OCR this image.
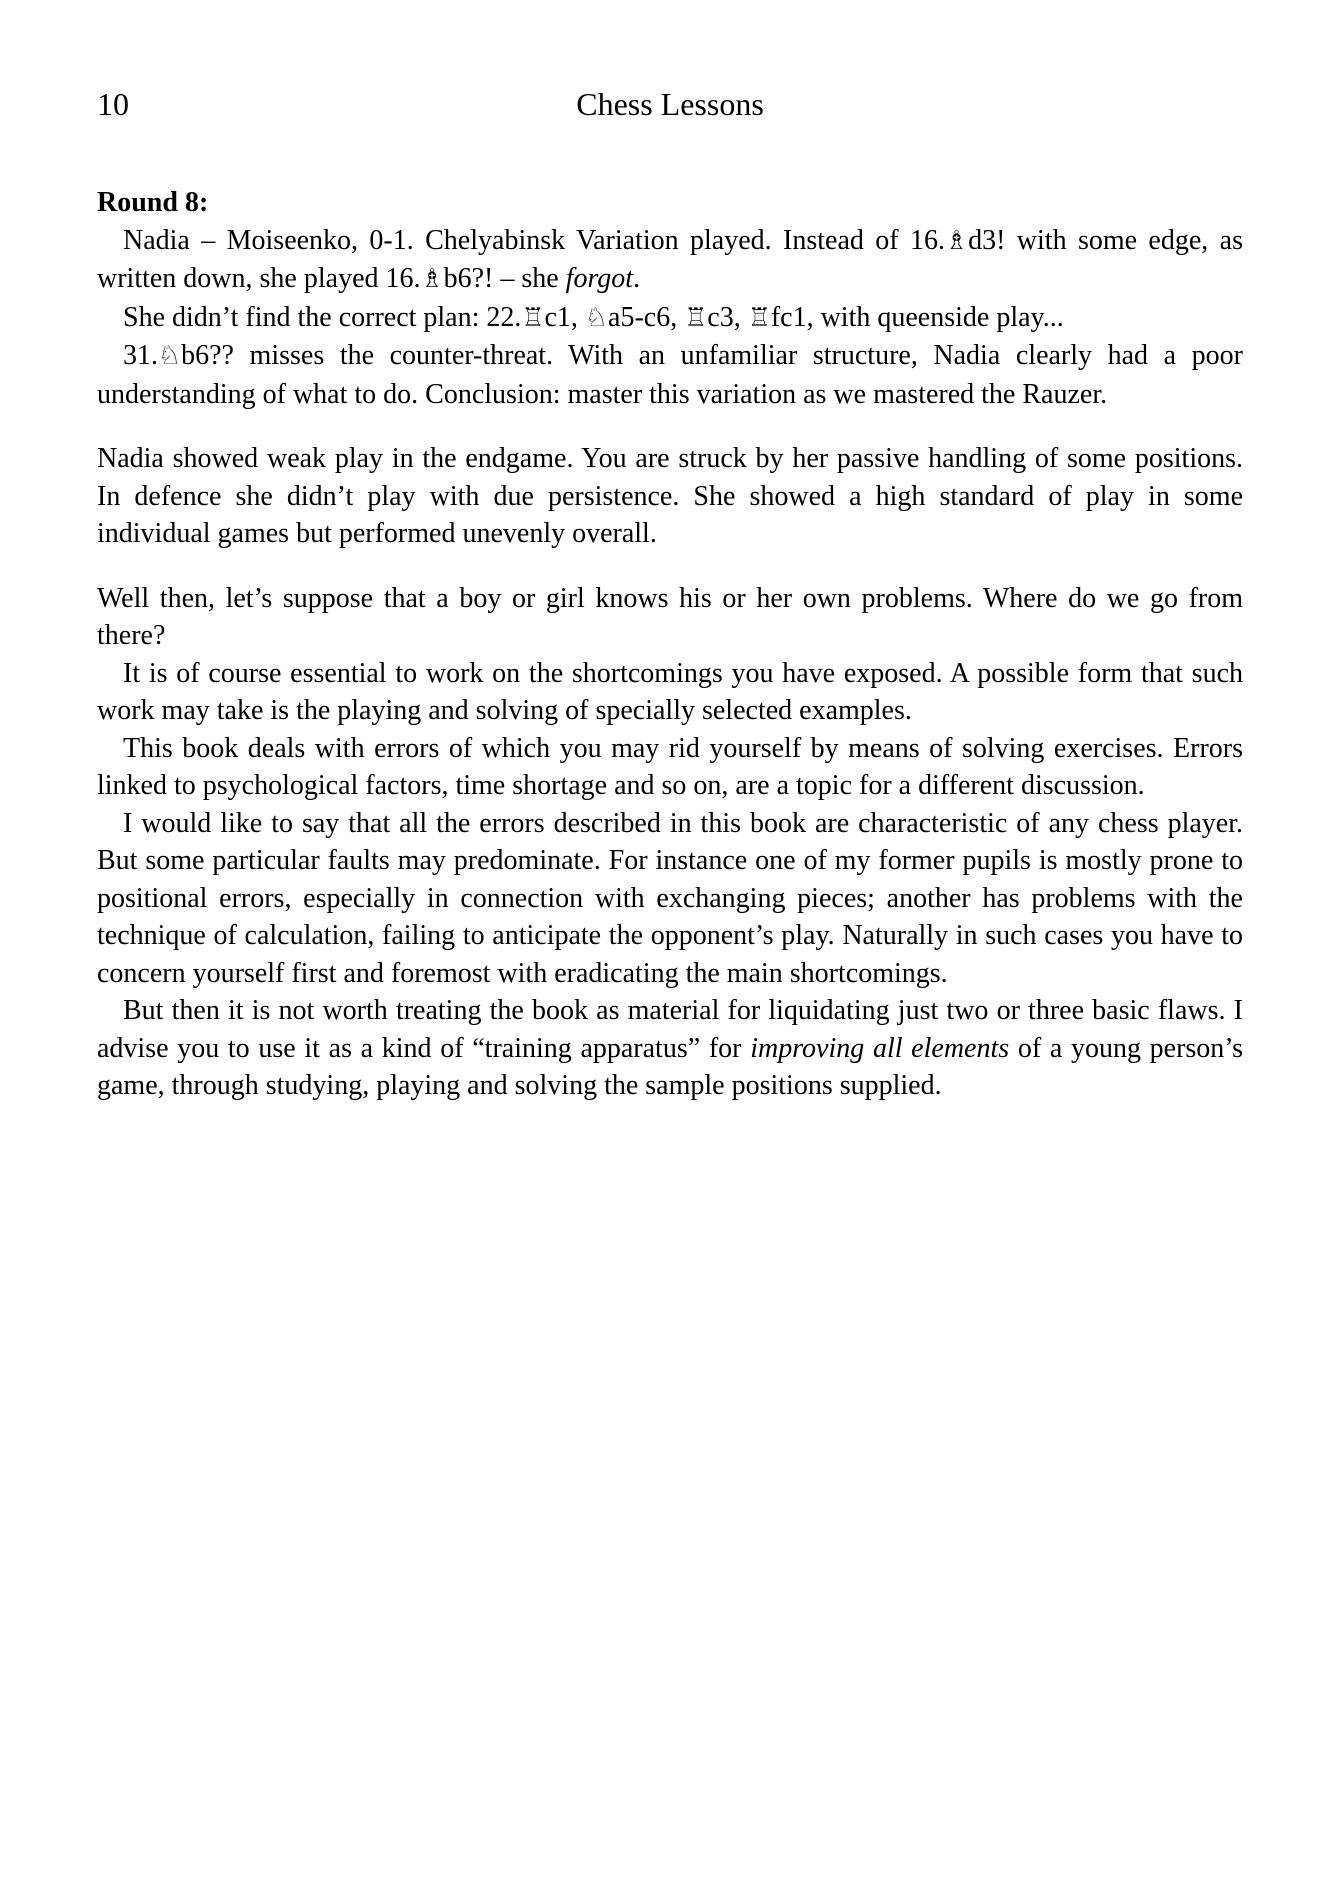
10	Chess Lessons
Round 8:

Nadia – Moiseenko, 0-1. Chelyabinsk Variation played. Instead of 16.♗d3! with some edge, as written down, she played 16.♗b6?! – she forgot.

She didn’t find the correct plan: 22.♖c1, ♘a5-c6, ♖c3, ♖fc1, with queenside play...

31.♘b6?? misses the counter-threat. With an unfamiliar structure, Nadia clearly had a poor understanding of what to do. Conclusion: master this variation as we mastered the Rauzer.

Nadia showed weak play in the endgame. You are struck by her passive handling of some positions. In defence she didn’t play with due persistence. She showed a high standard of play in some individual games but performed unevenly overall.

Well then, let’s suppose that a boy or girl knows his or her own problems. Where do we go from there?

It is of course essential to work on the shortcomings you have exposed. A possible form that such work may take is the playing and solving of specially selected examples.

This book deals with errors of which you may rid yourself by means of solving exercises. Errors linked to psychological factors, time shortage and so on, are a topic for a different discussion.

I would like to say that all the errors described in this book are characteristic of any chess player. But some particular faults may predominate. For instance one of my former pupils is mostly prone to positional errors, especially in connection with exchanging pieces; another has problems with the technique of calculation, failing to anticipate the opponent’s play. Naturally in such cases you have to concern yourself first and foremost with eradicating the main shortcomings.

But then it is not worth treating the book as material for liquidating just two or three basic flaws. I advise you to use it as a kind of “training apparatus” for improving all elements of a young person’s game, through studying, playing and solving the sample positions supplied.
